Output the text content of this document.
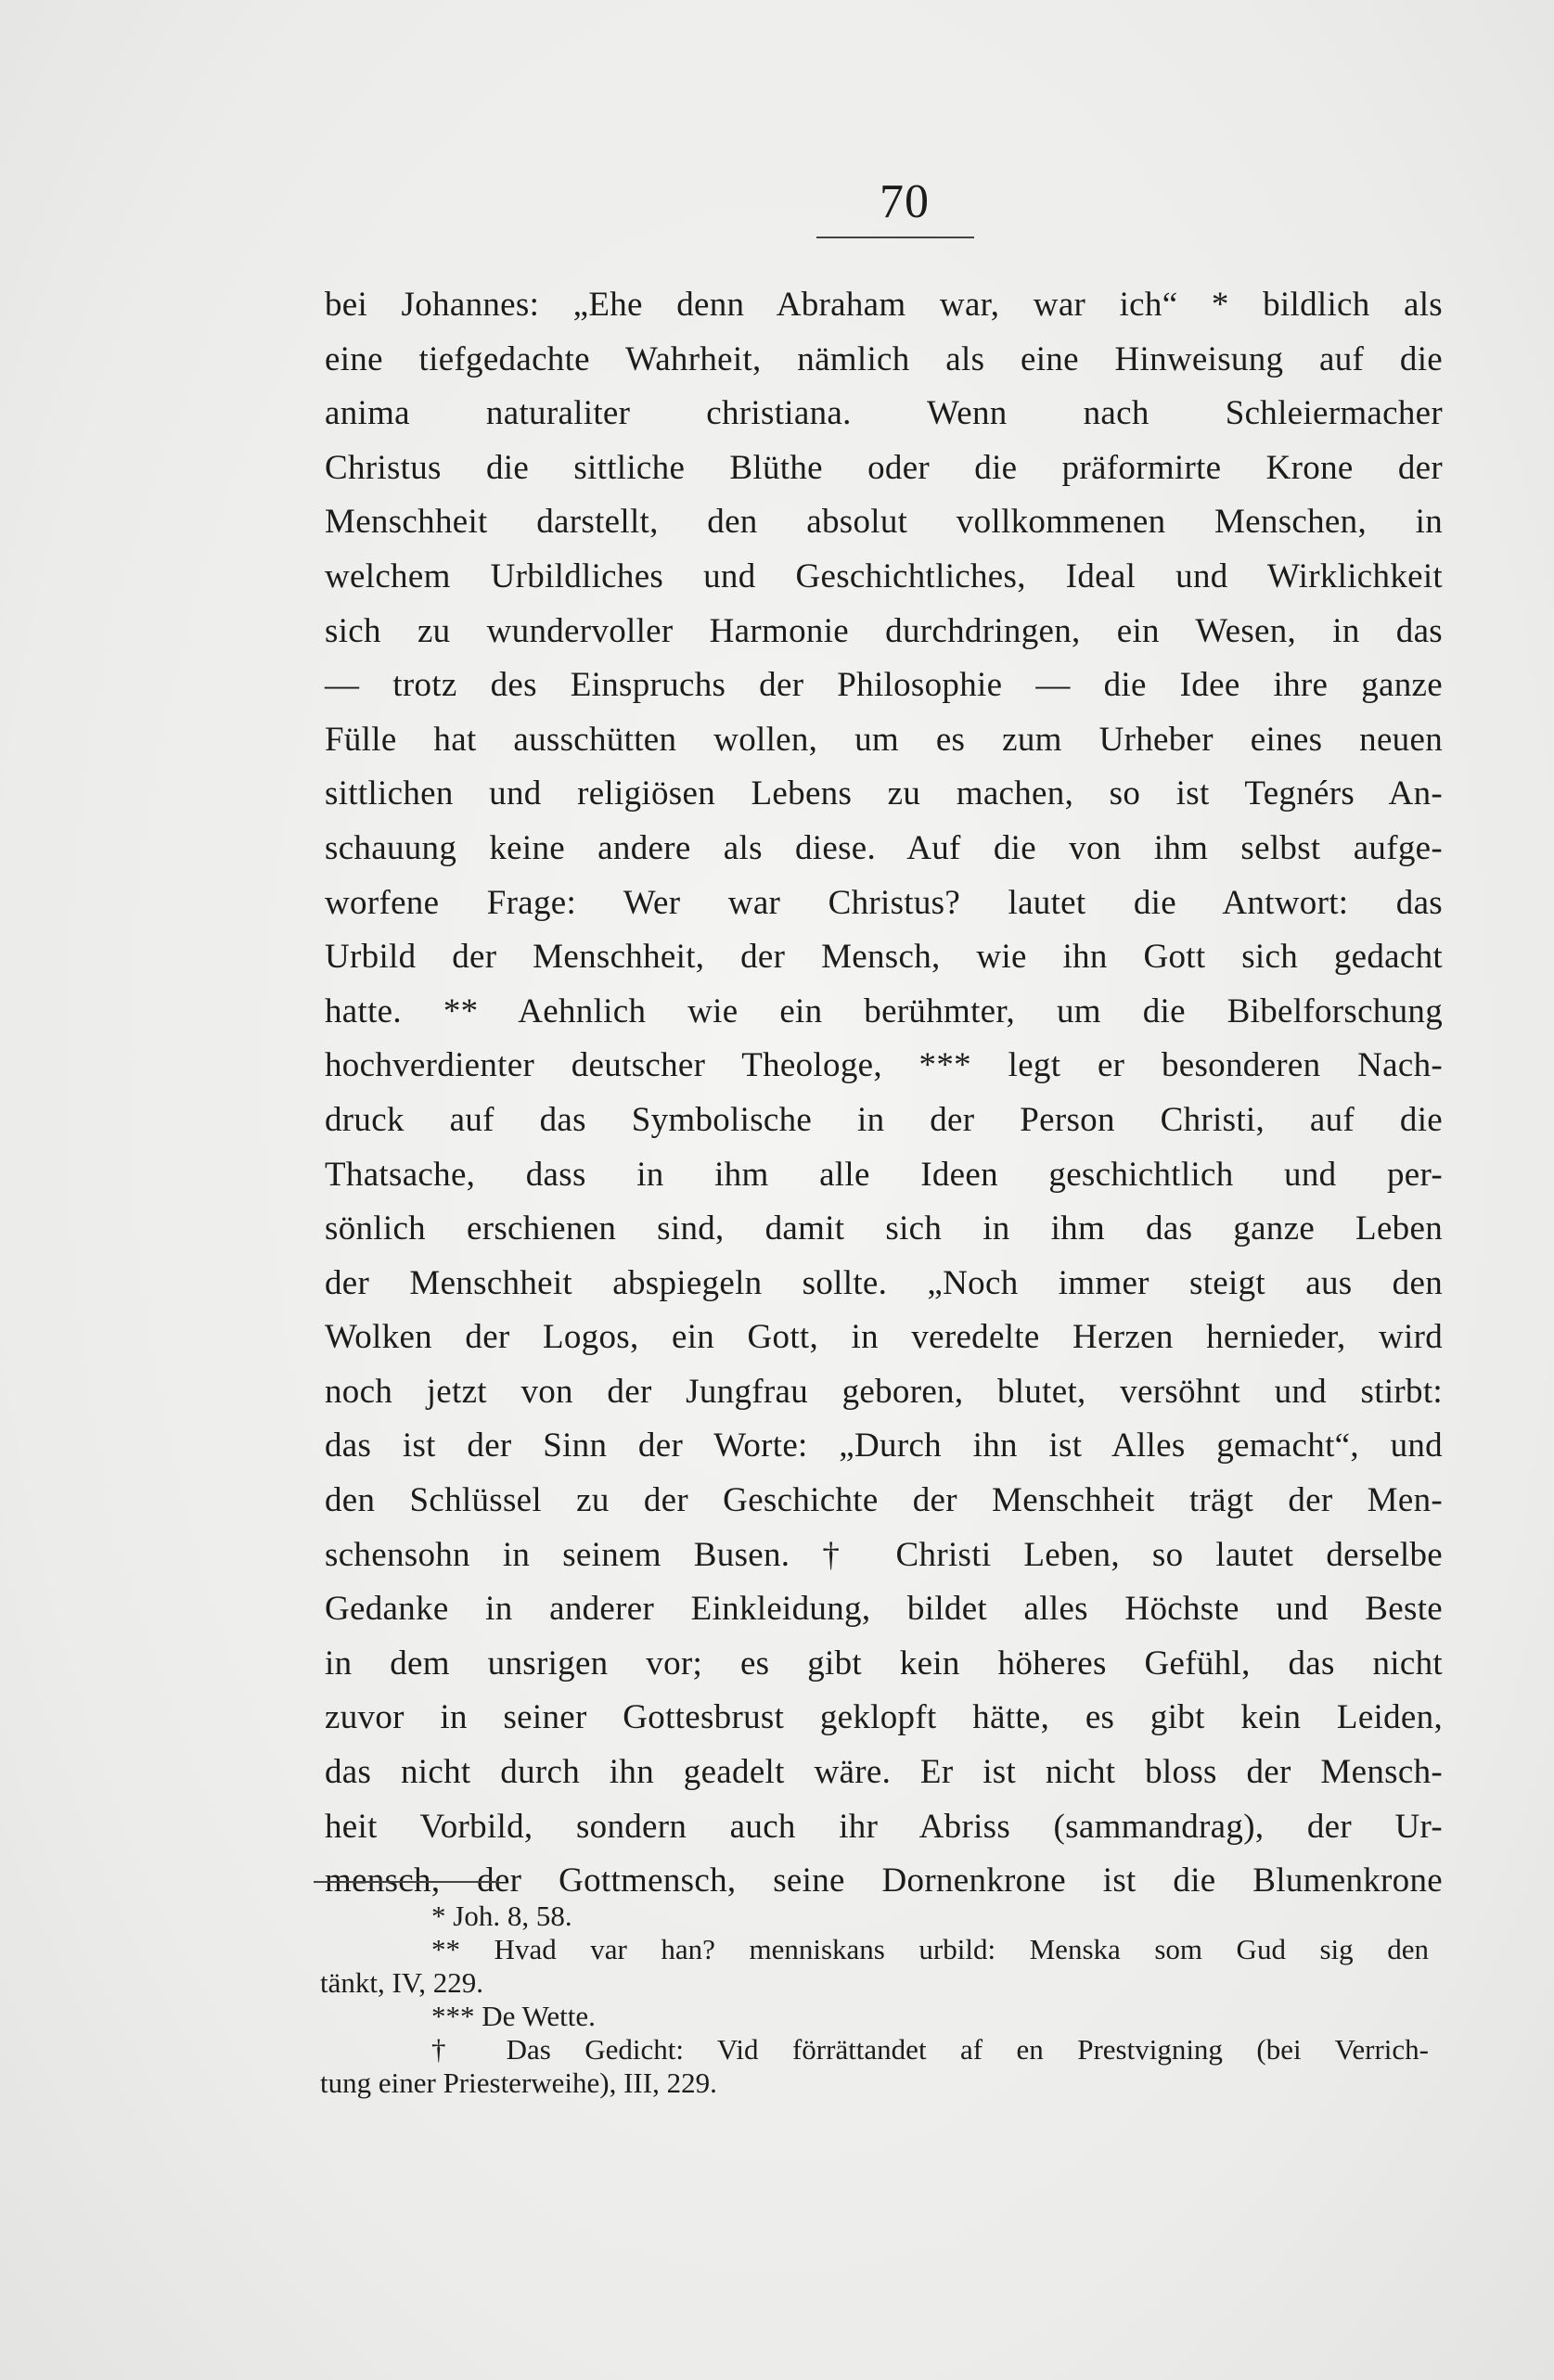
70
bei Johannes: „Ehe denn Abraham war, war ich“ * bildlich als
eine tiefgedachte Wahrheit, nämlich als eine Hinweisung auf die
anima naturaliter christiana. Wenn nach Schleiermacher
Christus die sittliche Blüthe oder die präformirte Krone der
Menschheit darstellt, den absolut vollkommenen Menschen, in
welchem Urbildliches und Geschichtliches, Ideal und Wirklichkeit
sich zu wundervoller Harmonie durchdringen, ein Wesen, in das
— trotz des Einspruchs der Philosophie — die Idee ihre ganze
Fülle hat ausschütten wollen, um es zum Urheber eines neuen
sittlichen und religiösen Lebens zu machen, so ist Tegnérs An-
schauung keine andere als diese. Auf die von ihm selbst aufge-
worfene Frage: Wer war Christus? lautet die Antwort: das
Urbild der Menschheit, der Mensch, wie ihn Gott sich gedacht
hatte. ** Aehnlich wie ein berühmter, um die Bibelforschung
hochverdienter deutscher Theologe, *** legt er besonderen Nach-
druck auf das Symbolische in der Person Christi, auf die
Thatsache, dass in ihm alle Ideen geschichtlich und per-
sönlich erschienen sind, damit sich in ihm das ganze Leben
der Menschheit abspiegeln sollte. „Noch immer steigt aus den
Wolken der Logos, ein Gott, in veredelte Herzen hernieder, wird
noch jetzt von der Jungfrau geboren, blutet, versöhnt und stirbt:
das ist der Sinn der Worte: „Durch ihn ist Alles gemacht“, und
den Schlüssel zu der Geschichte der Menschheit trägt der Men-
schensohn in seinem Busen. † Christi Leben, so lautet derselbe
Gedanke in anderer Einkleidung, bildet alles Höchste und Beste
in dem unsrigen vor; es gibt kein höheres Gefühl, das nicht
zuvor in seiner Gottesbrust geklopft hätte, es gibt kein Leiden,
das nicht durch ihn geadelt wäre. Er ist nicht bloss der Mensch-
heit Vorbild, sondern auch ihr Abriss (sammandrag), der Ur-
mensch, der Gottmensch, seine Dornenkrone ist die Blumenkrone
* Joh. 8, 58.
** Hvad var han? menniskans urbild: Menska som Gud sig den
tänkt, IV, 229.
*** De Wette.
† Das Gedicht: Vid förrättandet af en Prestvigning (bei Verrich-
tung einer Priesterweihe), III, 229.
